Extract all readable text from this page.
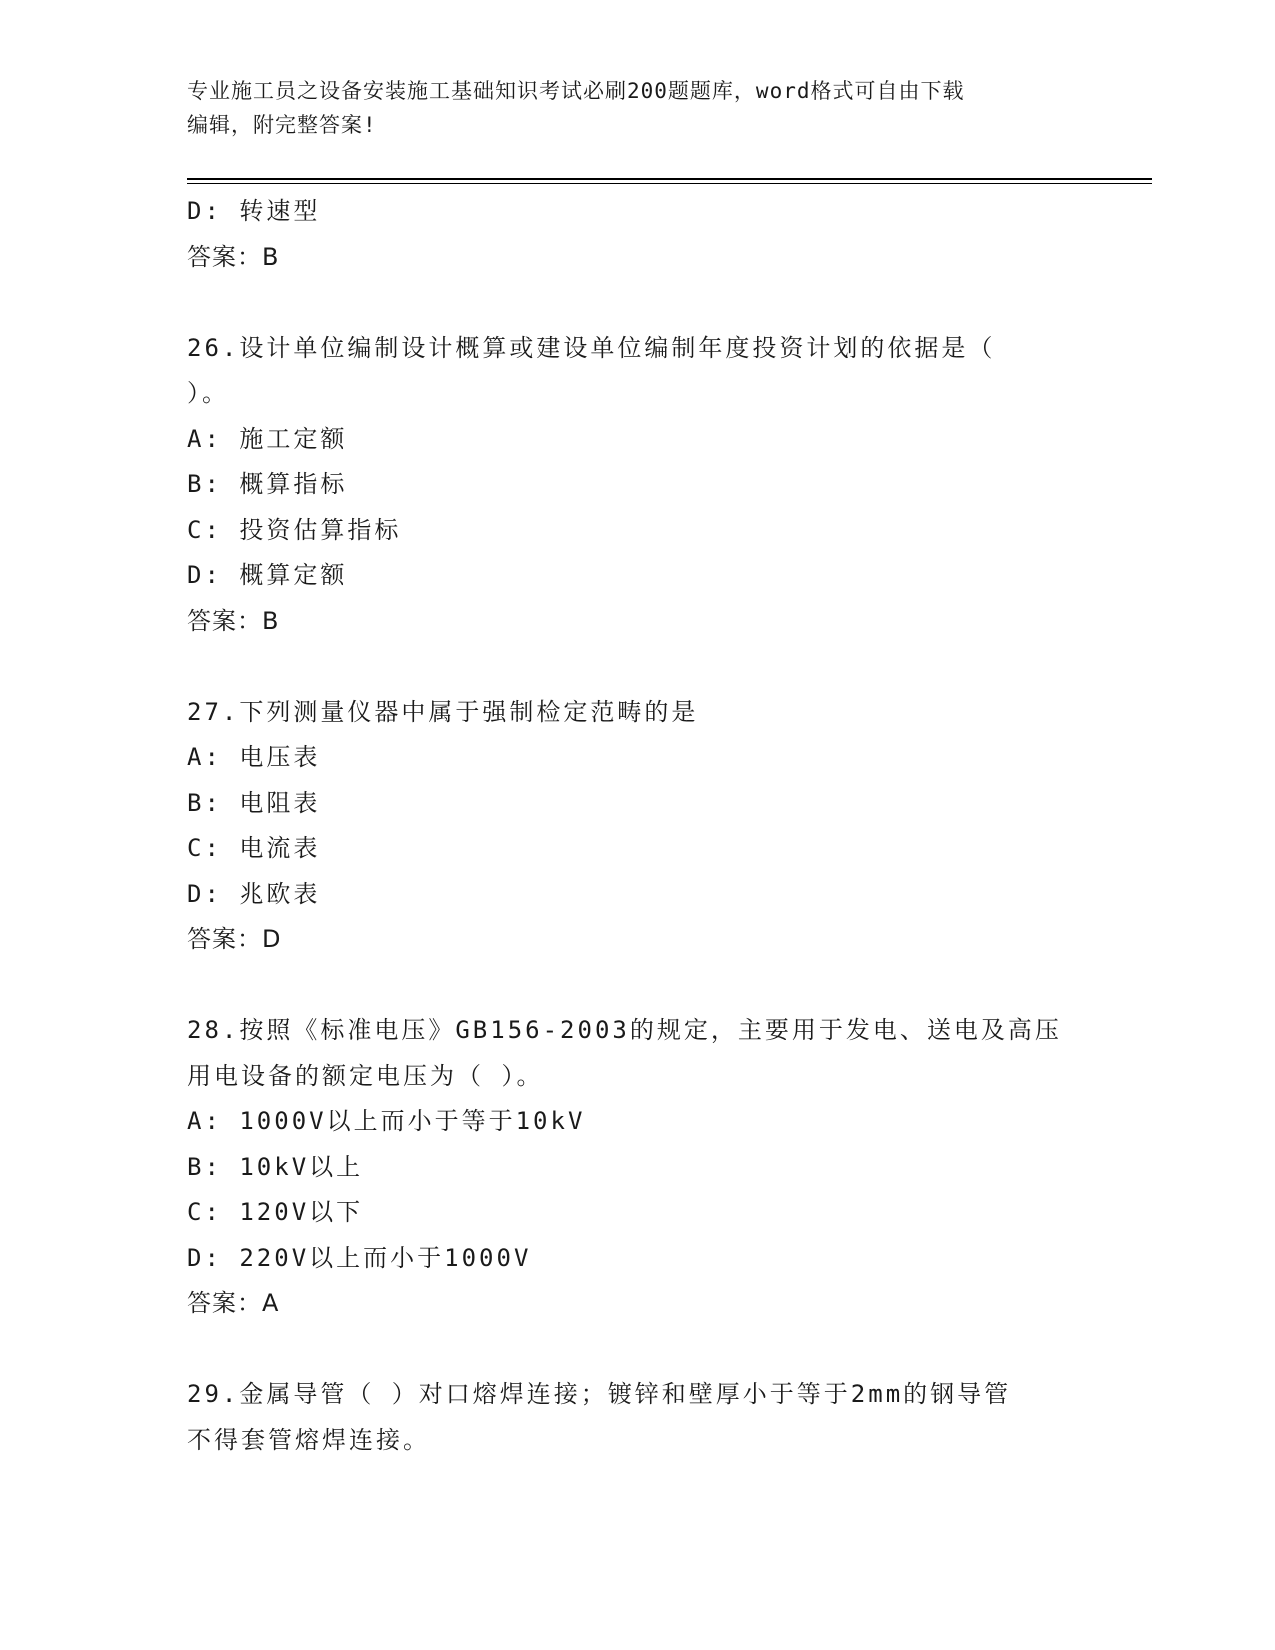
专业施工员之设备安装施工基础知识考试必刷200题题库，word格式可自由下载
编辑，附完整答案!
D: 转速型
答案：B
26.设计单位编制设计概算或建设单位编制年度投资计划的依据是（
）。
A: 施工定额
B: 概算指标
C: 投资估算指标
D: 概算定额
答案：B
27.下列测量仪器中属于强制检定范畴的是
A: 电压表
B: 电阻表
C: 电流表
D: 兆欧表
答案：D
28.按照《标准电压》GB156-2003的规定，主要用于发电、送电及高压
用电设备的额定电压为（ ）。
A: 1000V以上而小于等于10kV
B: 10kV以上
C: 120V以下
D: 220V以上而小于1000V
答案：A
29.金属导管（ ）对口熔焊连接；镀锌和壁厚小于等于2mm的钢导管
不得套管熔焊连接。
